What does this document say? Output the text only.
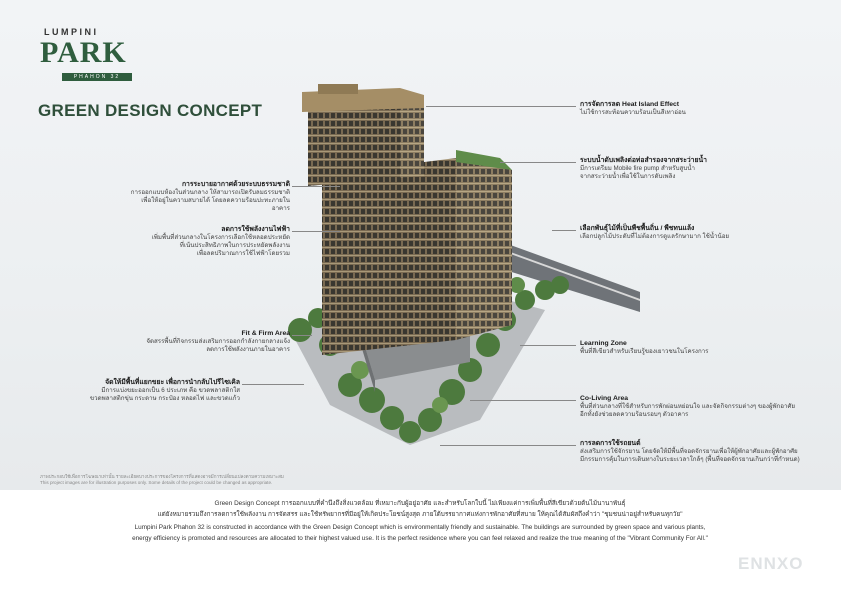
LUMPINI
PARK
PHAHON 32
GREEN DESIGN CONCEPT
การระบายอากาศด้วยระบบธรรมชาติ
การออกแบบห้องในส่วนกลาง ให้สามารถเปิดรับลมธรรมชาติ
เพื่อให้อยู่ในความสบายได้ โดยลดความร้อนปะทะภายในอาคาร
ลดการใช้พลังงานไฟฟ้า
เพิ่มพื้นที่ส่วนกลางในโครงการเลือกใช้หลอดประหยัด
ที่เน้นประสิทธิภาพในการประหยัดพลังงาน
เพื่อลดปริมาณการใช้ไฟฟ้าโดยรวม
Fit & Firm Area
จัดสรรพื้นที่กิจกรรมส่งเสริมการออกกำลังกายกลางแจ้ง
ลดการใช้พลังงานภายในอาคาร
จัดให้มีพื้นที่แยกขยะ เพื่อการนำกลับไปรีไซเคิล
มีการแบ่งขยะออกเป็น 6 ประเภท คือ ขวดพลาสติกใส
ขวดพลาสติกขุ่น กระดาษ กระป๋อง หลอดไฟ และขวดแก้ว
การจัดการลด Heat Island Effect
ไม่ใช้การสะท้อนความร้อนเป็นสีเทาอ่อน
ระบบน้ำดับเพลิงต่อท่อสำรองจากสระว่ายน้ำ
มีการเตรียม Mobile fire pump สำหรับสูบน้ำ
จากสระว่ายน้ำเพื่อใช้ในการดับเพลิง
เลือกพันธุ์ไม้ที่เป็นพืชพื้นถิ่น / พืชทนแล้ง
เลือกปลูกไม้ประดับที่ไม่ต้องการดูแลรักษามาก ใช้น้ำน้อย
Learning Zone
พื้นที่สีเขียวสำหรับเรียนรู้ของเยาวชนในโครงการ
Co-Living Area
พื้นที่ส่วนกลางที่ใช้สำหรับการพักผ่อนหย่อนใจ และจัดกิจกรรมต่างๆ ของผู้พักอาศัย
อีกทั้งยังช่วยลดความร้อนรอบๆ ตัวอาคาร
การลดการใช้รถยนต์
ส่งเสริมการใช้จักรยาน โดยจัดให้มีพื้นที่จอดจักรยานเพื่อให้ผู้พักอาศัยและผู้พักอาศัย
มีกรรมการคุ้มในการเดินทางในระยะเวลาใกล้ๆ (พื้นที่จอดจักรยานเกินกว่าที่กำหนด)
ภาพประกอบใช้เพื่อการโฆษณาเท่านั้น รายละเอียดบางประการของโครงการที่แสดงอาจมีการเปลี่ยนแปลงตามความเหมาะสม
This project images are for illustration purposes only. Some details of the project could be changed as appropriate.
Green Design Concept การออกแบบที่คำนึงถึงสิ่งแวดล้อม ที่เหมาะกับผู้อยู่อาศัย และสำหรับโลกใบนี้ ไม่เพียงแค่การเพิ่มพื้นที่สีเขียวด้วยต้นไม้นานาพันธุ์
แต่ยังหมายรวมถึงการลดการใช้พลังงาน การจัดสรร และใช้ทรัพยากรที่มีอยู่ให้เกิดประโยชน์สูงสุด ภายใต้บรรยากาศแห่งการพักอาศัยที่สบาย ให้คุณได้สัมผัสถึงคำว่า "ชุมชนน่าอยู่สำหรับคนทุกวัย"
Lumpini Park Phahon 32 is constructed in accordance with the Green Design Concept which is environmentally friendly and sustainable. The buildings are surrounded by green space and various plants,
energy efficiency is promoted and resources are allocated to their highest valued use. It is the perfect residence where you can feel relaxed and realize the true meaning of the "Vibrant Community For All."
ENNXO
